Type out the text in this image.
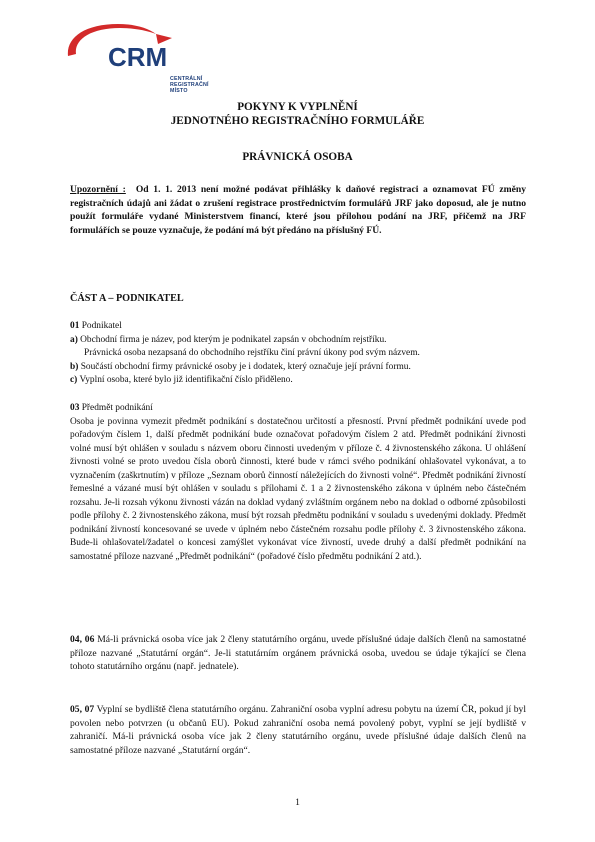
CRM
CENTRÁLNÍ
REGISTRAČNÍ MÍSTO
POKYNY K VYPLNĚNÍ
JEDNOTNÉHO REGISTRAČNÍHO FORMULÁŘE
PRÁVNICKÁ OSOBA
Upozornění : Od 1. 1. 2013 není možné podávat přihlášky k daňové registraci a oznamovat FÚ změny registračních údajů ani žádat o zrušení registrace prostřednictvím formulářů JRF jako doposud, ale je nutno použít formuláře vydané Ministerstvem financí, které jsou přílohou podání na JRF, přičemž na JRF formulářích se pouze vyznačuje, že podání má být předáno na příslušný FÚ.
ČÁST A – PODNIKATEL
01 Podnikatel
a) Obchodní firma je název, pod kterým je podnikatel zapsán v obchodním rejstříku.
Právnická osoba nezapsaná do obchodního rejstříku činí právní úkony pod svým názvem.
b) Součástí obchodní firmy právnické osoby je i dodatek, který označuje její právní formu.
c) Vyplní osoba, které bylo již identifikační číslo přiděleno.
03 Předmět podnikání
Osoba je povinna vymezit předmět podnikání s dostatečnou určitostí a přesností. První předmět podnikání uvede pod pořadovým číslem 1, další předmět podnikání bude označovat pořadovým číslem 2 atd. Předmět podnikání živnosti volné musí být ohlášen v souladu s názvem oboru činnosti uvedeným v příloze č. 4 živnostenského zákona. U ohlášení živnosti volné se proto uvedou čísla oborů činnosti, které bude v rámci svého podnikání ohlašovatel vykonávat, a to vyznačením (zaškrtnutím) v příloze „Seznam oborů činností náležejících do živnosti volné“. Předmět podnikání živností řemeslné a vázané musí být ohlášen v souladu s přílohami č. 1 a 2 živnostenského zákona v úplném nebo částečném rozsahu. Je-li rozsah výkonu živnosti vázán na doklad vydaný zvláštním orgánem nebo na doklad o odborné způsobilosti podle přílohy č. 2 živnostenského zákona, musí být rozsah předmětu podnikání v souladu s uvedenými doklady. Předmět podnikání živností koncesované se uvede v úplném nebo částečném rozsahu podle přílohy č. 3 živnostenského zákona. Bude-li ohlašovatel/žadatel o koncesi zamýšlet vykonávat více živností, uvede druhý a další předmět podnikání na samostatné příloze nazvané „Předmět podnikání“ (pořadové číslo předmětu podnikání 2 atd.).
04, 06 Má-li právnická osoba více jak 2 členy statutárního orgánu, uvede příslušné údaje dalších členů na samostatné příloze nazvané „Statutární orgán“. Je-li statutárním orgánem právnická osoba, uvedou se údaje týkající se člena tohoto statutárního orgánu (např. jednatele).
05, 07 Vyplní se bydliště člena statutárního orgánu. Zahraniční osoba vyplní adresu pobytu na území ČR, pokud jí byl povolen nebo potvrzen (u občanů EU). Pokud zahraniční osoba nemá povolený pobyt, vyplní se její bydliště v zahraničí. Má-li právnická osoba více jak 2 členy statutárního orgánu, uvede příslušné údaje dalších členů na samostatné příloze nazvané „Statutární orgán“.
1
